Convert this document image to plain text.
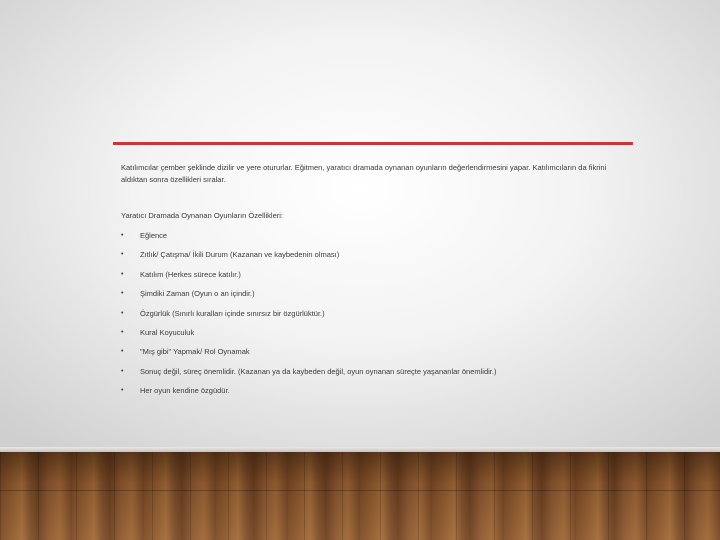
Katılımcılar çember şeklinde dizilir ve yere otururlar. Eğitmen, yaratıcı dramada oynanan oyunların değerlendirmesini yapar. Katılımcıların da fikrini aldıktan sonra özellikleri sıralar.

Yaratıcı Dramada Oynanan Oyunların Özellikleri:

• Eğlence
• Zıtlık/ Çatışma/ İkili Durum (Kazanan ve kaybedenin olması)
• Katılım (Herkes sürece katılır.)
• Şimdiki Zaman (Oyun o an içindir.)
• Özgürlük (Sınırlı kuralları içinde sınırsız bir özgürlüktür.)
• Kural Koyuculuk
• "Mış gibi" Yapmak/ Rol Oynamak
• Sonuç değil, süreç önemlidir. (Kazanan ya da kaybeden değil, oyun oynanan süreçte yaşananlar önemlidir.)
• Her oyun kendine özgüdür.
